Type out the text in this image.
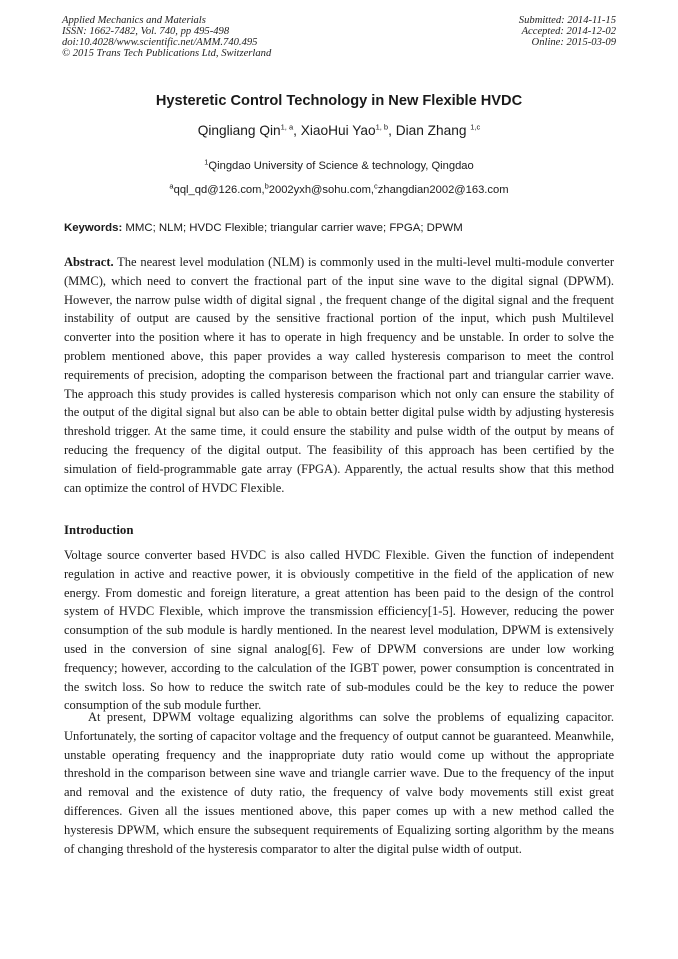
Applied Mechanics and Materials
ISSN: 1662-7482, Vol. 740, pp 495-498
doi:10.4028/www.scientific.net/AMM.740.495
© 2015 Trans Tech Publications Ltd, Switzerland
Submitted: 2014-11-15
Accepted: 2014-12-02
Online: 2015-03-09
Hysteretic Control Technology in New Flexible HVDC
Qingliang Qin$^{1, a}$, XiaoHui Yao$^{1, b}$, Dian Zhang $^{1,c}$
$^1$Qingdao University of Science & technology, Qingdao
$^a$qql_qd@126.com,$^b$2002yxh@sohu.com,$^c$zhangdian2002@163.com
Keywords: MMC; NLM; HVDC Flexible; triangular carrier wave; FPGA; DPWM
Abstract. The nearest level modulation (NLM) is commonly used in the multi-level multi-module converter (MMC), which need to convert the fractional part of the input sine wave to the digital signal (DPWM). However, the narrow pulse width of digital signal , the frequent change of the digital signal and the frequent instability of output are caused by the sensitive fractional portion of the input, which push Multilevel converter into the position where it has to operate in high frequency and be unstable. In order to solve the problem mentioned above, this paper provides a way called hysteresis comparison to meet the control requirements of precision, adopting the comparison between the fractional part and triangular carrier wave. The approach this study provides is called hysteresis comparison which not only can ensure the stability of the output of the digital signal but also can be able to obtain better digital pulse width by adjusting hysteresis threshold trigger. At the same time, it could ensure the stability and pulse width of the output by means of reducing the frequency of the digital output. The feasibility of this approach has been certified by the simulation of field-programmable gate array (FPGA). Apparently, the actual results show that this method can optimize the control of HVDC Flexible.
Introduction
Voltage source converter based HVDC is also called HVDC Flexible. Given the function of independent regulation in active and reactive power, it is obviously competitive in the field of the application of new energy. From domestic and foreign literature, a great attention has been paid to the design of the control system of HVDC Flexible, which improve the transmission efficiency[1-5]. However, reducing the power consumption of the sub module is hardly mentioned. In the nearest level modulation, DPWM is extensively used in the conversion of sine signal analog[6]. Few of DPWM conversions are under low working frequency; however, according to the calculation of the IGBT power, power consumption is concentrated in the switch loss. So how to reduce the switch rate of sub-modules could be the key to reduce the power consumption of the sub module further.
At present, DPWM voltage equalizing algorithms can solve the problems of equalizing capacitor. Unfortunately, the sorting of capacitor voltage and the frequency of output cannot be guaranteed. Meanwhile, unstable operating frequency and the inappropriate duty ratio would come up without the appropriate threshold in the comparison between sine wave and triangle carrier wave. Due to the frequency of the input and removal and the existence of duty ratio, the frequency of valve body movements still exist great differences. Given all the issues mentioned above, this paper comes up with a new method called the hysteresis DPWM, which ensure the subsequent requirements of Equalizing sorting algorithm by the means of changing threshold of the hysteresis comparator to alter the digital pulse width of output.
